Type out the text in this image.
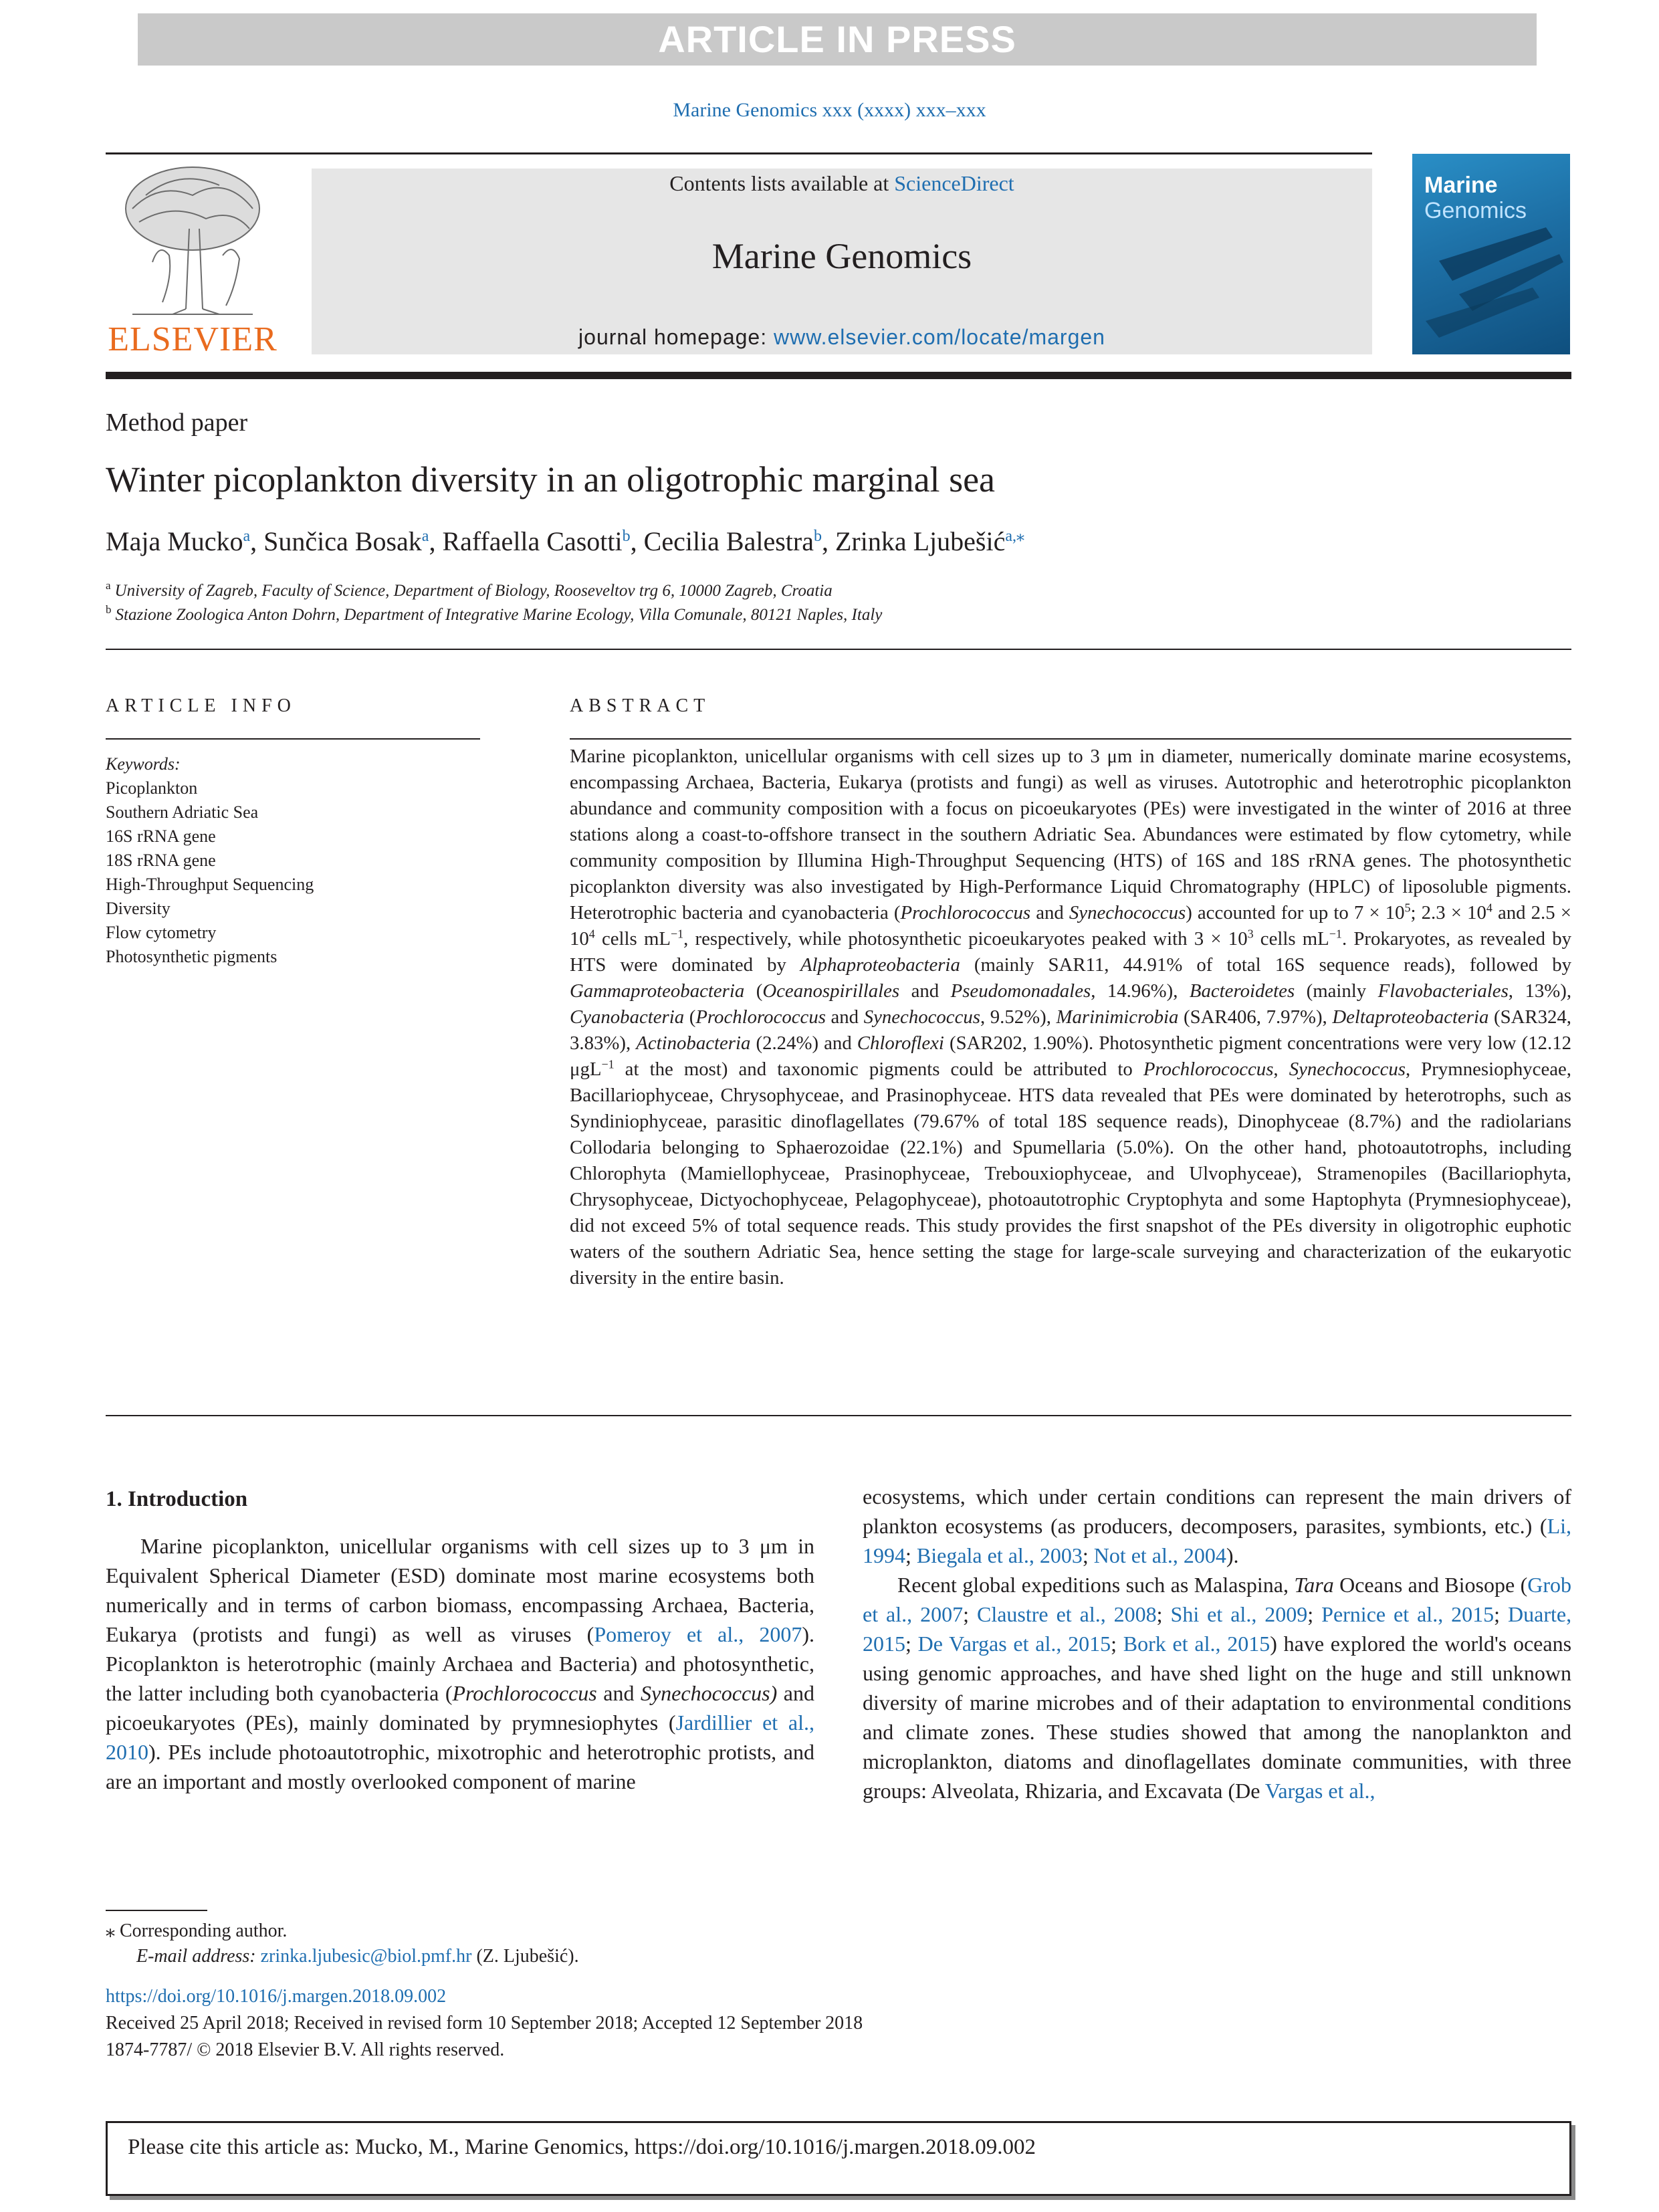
ARTICLE IN PRESS
Marine Genomics xxx (xxxx) xxx–xxx
ELSEVIER
Contents lists available at ScienceDirect
Marine Genomics
journal homepage: www.elsevier.com/locate/margen
Marine
Genomics
Method paper
Winter picoplankton diversity in an oligotrophic marginal sea
Maja Mucko$^a$, Sunčica Bosak$^a$, Raffaella Casotti$^b$, Cecilia Balestra$^b$, Zrinka Ljubešić$^{a,⁎}$
$^a$ University of Zagreb, Faculty of Science, Department of Biology, Rooseveltov trg 6, 10000 Zagreb, Croatia
$^b$ Stazione Zoologica Anton Dohrn, Department of Integrative Marine Ecology, Villa Comunale, 80121 Naples, Italy
ARTICLE INFO
Keywords:
Picoplankton
Southern Adriatic Sea
16S rRNA gene
18S rRNA gene
High-Throughput Sequencing
Diversity
Flow cytometry
Photosynthetic pigments
ABSTRACT
Marine picoplankton, unicellular organisms with cell sizes up to 3 μm in diameter, numerically dominate marine ecosystems, encompassing Archaea, Bacteria, Eukarya (protists and fungi) as well as viruses. Autotrophic and heterotrophic picoplankton abundance and community composition with a focus on picoeukaryotes (PEs) were investigated in the winter of 2016 at three stations along a coast-to-offshore transect in the southern Adriatic Sea. Abundances were estimated by flow cytometry, while community composition by Illumina High-Throughput Sequencing (HTS) of 16S and 18S rRNA genes. The photosynthetic picoplankton diversity was also investigated by High-Performance Liquid Chromatography (HPLC) of liposoluble pigments. Heterotrophic bacteria and cyanobacteria (Prochlorococcus and Synechococcus) accounted for up to $7 \times 10^5$; $2.3 \times 10^4$ and $2.5 \times 10^4$ cells $mL^{-1}$, respectively, while photosynthetic picoeukaryotes peaked with $3 \times 10^3$ cells $mL^{-1}$. Prokaryotes, as revealed by HTS were dominated by Alphaproteobacteria (mainly SAR11, 44.91% of total 16S sequence reads), followed by Gammaproteobacteria (Oceanospirillales and Pseudomonadales, 14.96%), Bacteroidetes (mainly Flavobacteriales, 13%), Cyanobacteria (Prochlorococcus and Synechococcus, 9.52%), Marinimicrobia (SAR406, 7.97%), Deltaproteobacteria (SAR324, 3.83%), Actinobacteria (2.24%) and Chloroflexi (SAR202, 1.90%). Photosynthetic pigment concentrations were very low (12.12 μgL$^{-1}$ at the most) and taxonomic pigments could be attributed to Prochlorococcus, Synechococcus, Prymnesiophyceae, Bacillariophyceae, Chrysophyceae, and Prasinophyceae. HTS data revealed that PEs were dominated by heterotrophs, such as Syndiniophyceae, parasitic dinoflagellates (79.67% of total 18S sequence reads), Dinophyceae (8.7%) and the radiolarians Collodaria belonging to Sphaerozoidae (22.1%) and Spumellaria (5.0%). On the other hand, photoautotrophs, including Chlorophyta (Mamiellophyceae, Prasinophyceae, Trebouxiophyceae, and Ulvophyceae), Stramenopiles (Bacillariophyta, Chrysophyceae, Dictyochophyceae, Pelagophyceae), photoautotrophic Cryptophyta and some Haptophyta (Prymnesiophyceae), did not exceed 5% of total sequence reads. This study provides the first snapshot of the PEs diversity in oligotrophic euphotic waters of the southern Adriatic Sea, hence setting the stage for large-scale surveying and characterization of the eukaryotic diversity in the entire basin.
1. Introduction
Marine picoplankton, unicellular organisms with cell sizes up to 3 μm in Equivalent Spherical Diameter (ESD) dominate most marine ecosystems both numerically and in terms of carbon biomass, encompassing Archaea, Bacteria, Eukarya (protists and fungi) as well as viruses (Pomeroy et al., 2007). Picoplankton is heterotrophic (mainly Archaea and Bacteria) and photosynthetic, the latter including both cyanobacteria (Prochlorococcus and Synechococcus) and picoeukaryotes (PEs), mainly dominated by prymnesiophytes (Jardillier et al., 2010). PEs include photoautotrophic, mixotrophic and heterotrophic protists, and are an important and mostly overlooked component of marine
ecosystems, which under certain conditions can represent the main drivers of plankton ecosystems (as producers, decomposers, parasites, symbionts, etc.) (Li, 1994; Biegala et al., 2003; Not et al., 2004).
Recent global expeditions such as Malaspina, Tara Oceans and Biosope (Grob et al., 2007; Claustre et al., 2008; Shi et al., 2009; Pernice et al., 2015; Duarte, 2015; De Vargas et al., 2015; Bork et al., 2015) have explored the world's oceans using genomic approaches, and have shed light on the huge and still unknown diversity of marine microbes and of their adaptation to environmental conditions and climate zones. These studies showed that among the nanoplankton and microplankton, diatoms and dinoflagellates dominate communities, with three groups: Alveolata, Rhizaria, and Excavata (De Vargas et al.,
⁎ Corresponding author.
E-mail address: zrinka.ljubesic@biol.pmf.hr (Z. Ljubešić).
https://doi.org/10.1016/j.margen.2018.09.002
Received 25 April 2018; Received in revised form 10 September 2018; Accepted 12 September 2018
1874-7787/ © 2018 Elsevier B.V. All rights reserved.
Please cite this article as: Mucko, M., Marine Genomics, https://doi.org/10.1016/j.margen.2018.09.002
